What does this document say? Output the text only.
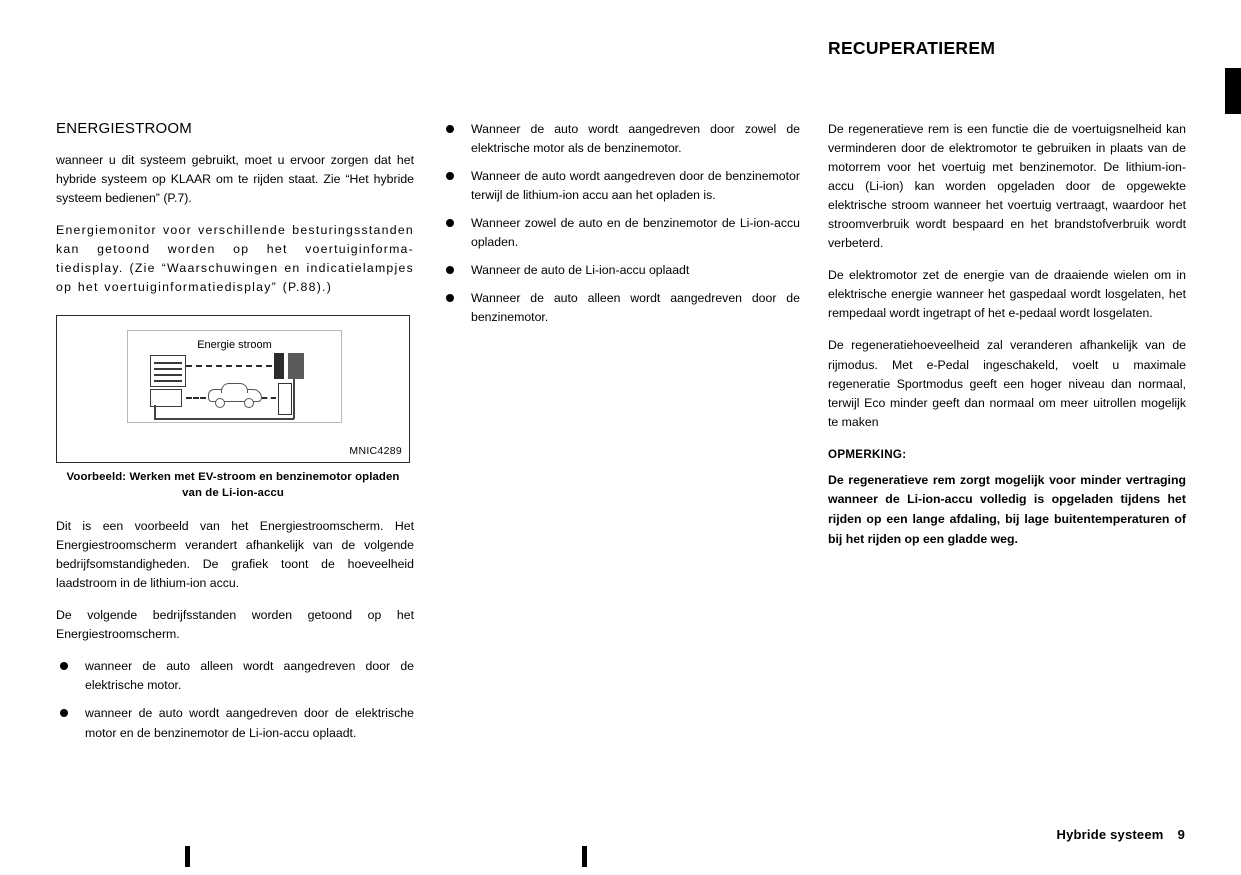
RECUPERATIEREM
ENERGIESTROOM

wanneer u dit systeem gebruikt, moet u ervoor zorgen dat het hybride systeem op KLAAR om te rijden staat. Zie “Het hybride systeem bedienen” (P.7).

Energiemonitor voor verschillende besturingsstanden kan getoond worden op het voertuiginforma-tiedisplay. (Zie “Waarschuwingen en indicatielampjes op het voertuiginformatiedisplay” (P.88).)

Energie stroom
MNIC4289
Voorbeeld: Werken met EV-stroom en benzinemotor opladen van de Li-ion-accu

Dit is een voorbeeld van het Energiestroomscherm. Het Energiestroomscherm verandert afhankelijk van de volgende bedrijfsomstandigheden. De grafiek toont de hoeveelheid laadstroom in de lithium-ion accu.

De volgende bedrijfsstanden worden getoond op het Energiestroomscherm.

wanneer de auto alleen wordt aangedreven door de elektrische motor.
wanneer de auto wordt aangedreven door de elektrische motor en de benzinemotor de Li-ion-accu oplaadt.
Wanneer de auto wordt aangedreven door zowel de elektrische motor als de benzinemotor.
Wanneer de auto wordt aangedreven door de benzinemotor terwijl de lithium-ion accu aan het opladen is.
Wanneer zowel de auto en de benzinemotor de Li-ion-accu opladen.
Wanneer de auto de Li-ion-accu oplaadt
Wanneer de auto alleen wordt aangedreven door de benzinemotor.

De regeneratieve rem is een functie die de voertuigsnelheid kan verminderen door de elektromotor te gebruiken in plaats van de motorrem voor het voertuig met benzinemotor. De lithium-ion-accu (Li-ion) kan worden opgeladen door de opgewekte elektrische stroom wanneer het voertuig vertraagt, waardoor het stroomverbruik wordt bespaard en het brandstofverbruik wordt verbeterd.

De elektromotor zet de energie van de draaiende wielen om in elektrische energie wanneer het gaspedaal wordt losgelaten, het rempedaal wordt ingetrapt of het e-pedaal wordt losgelaten.

De regeneratiehoeveelheid zal veranderen afhankelijk van de rijmodus. Met e-Pedal ingeschakeld, voelt u maximale regeneratie Sportmodus geeft een hoger niveau dan normaal, terwijl Eco minder geeft dan normaal om meer uitrollen mogelijk te maken

OPMERKING:

De regeneratieve rem zorgt mogelijk voor minder vertraging wanneer de Li-ion-accu volledig is opgeladen tijdens het rijden op een lange afdaling, bij lage buitentemperaturen of bij het rijden op een gladde weg.

Hybride systeem 9
